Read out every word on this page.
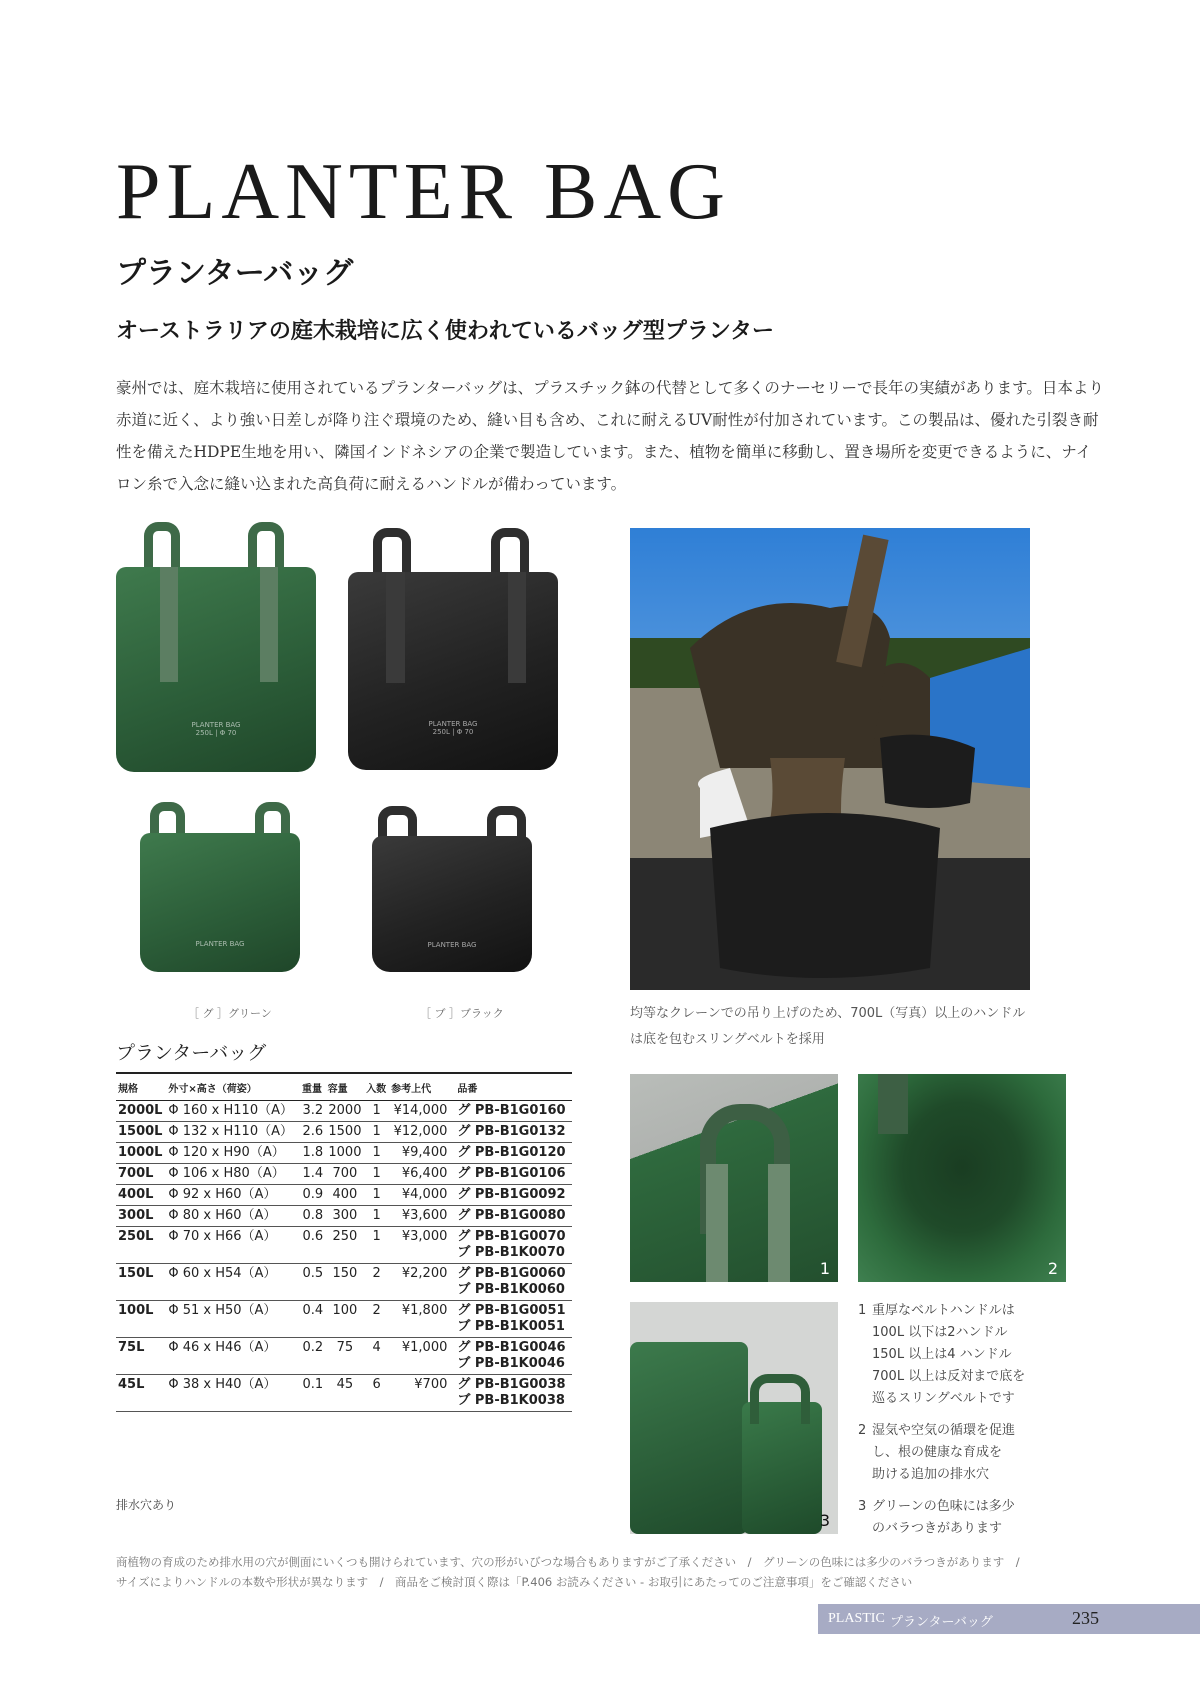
PLANTER BAG
プランターバッグ
オーストラリアの庭木栽培に広く使われているバッグ型プランター

豪州では、庭木栽培に使用されているプランターバッグは、プラスチック鉢の代替として多くのナーセリーで長年の実績があります。日本より赤道に近く、より強い日差しが降り注ぐ環境のため、縫い目も含め、これに耐えるUV耐性が付加されています。この製品は、優れた引裂き耐性を備えたHDPE生地を用い、隣国インドネシアの企業で製造しています。また、植物を簡単に移動し、置き場所を変更できるように、ナイロン糸で入念に縫い込まれた高負荷に耐えるハンドルが備わっています。

PLANTER BAG
250L | Φ 70
PLANTER BAG
250L | Φ 70
PLANTER BAG	PLANTER BAG
［ グ ］グリーン	［ ブ ］ブラック	均等なクレーンでの吊り上げのため、700L（写真）以上のハンドルは底を包むスリングベルトを採用
プランターバッグ
規格	外寸×高さ（荷姿）	重量	容量	入数	参考上代	品番
2000L	Φ 160 x H110（A）	3.2	2000	1	¥14,000	グ PB-B1G0160

1500L	Φ 132 x H110（A）	2.6	1500	1	¥12,000	グ PB-B1G0132

1000L	Φ 120 x H90（A）	1.8	1000	1	¥9,400	グ PB-B1G0120

700L	Φ 106 x H80（A）	1.4	700	1	¥6,400	グ PB-B1G0106

400L	Φ 92 x H60（A）	0.9	400	1	¥4,000	グ PB-B1G0092

300L	Φ 80 x H60（A）	0.8	300	1	¥3,600	グ PB-B1G0080

250L	Φ 70 x H66（A）	0.6	250	1	¥3,000	グ PB-B1G0070
ブ PB-B1K0070

150L	Φ 60 x H54（A）	0.5	150	2	¥2,200	グ PB-B1G0060
ブ PB-B1K0060

100L	Φ 51 x H50（A）	0.4	100	2	¥1,800	グ PB-B1G0051
ブ PB-B1K0051

75L	Φ 46 x H46（A）	0.2	75	4	¥1,000	グ PB-B1G0046
ブ PB-B1K0046

45L	Φ 38 x H40（A）	0.1	45	6	¥700	グ PB-B1G0038
ブ PB-B1K0038
排水穴あり
1	2
3
1 重厚なベルトハンドルは
100L 以下は2ハンドル
150L 以上は4 ハンドル
700L 以上は反対まで底を
巡るスリングベルトです
2 湿気や空気の循環を促進
し、根の健康な育成を
助ける追加の排水穴
3 グリーンの色味には多少
のバラつきがあります

商植物の育成のため排水用の穴が側面にいくつも開けられています、穴の形がいびつな場合もありますがご了承ください　/　グリーンの色味には多少のバラつきがあります　/
サイズによりハンドルの本数や形状が異なります　/　商品をご検討頂く際は「P.406 お読みください - お取引にあたってのご注意事項」をご確認ください

PLASTIC プランターバッグ	235
